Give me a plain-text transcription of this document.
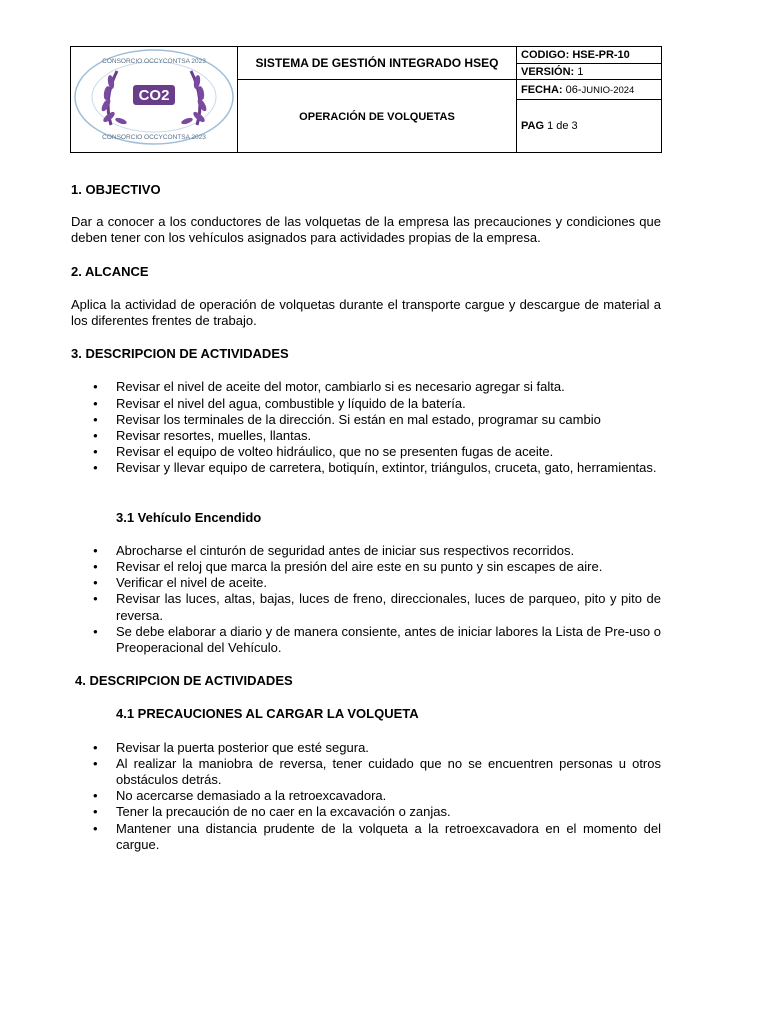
CO2
CONSORCIO OCCYCONTSA 2023
CONSORCIO OCCYCONTSA 2023	SISTEMA DE GESTIÓN INTEGRADO HSEQ	CODIGO: HSE-PR-10
		VERSIÓN: 1
	OPERACIÓN DE VOLQUETAS	FECHA: 06-JUNIO-2024
		PAG 1 de 3
1. OBJECTIVO

Dar a conocer a los conductores de las volquetas de la empresa las precauciones y condiciones que deben tener con los vehículos asignados para actividades propias de la empresa.

2. ALCANCE

Aplica la actividad de operación de volquetas durante el transporte cargue y descargue de material a los diferentes frentes de trabajo.

3. DESCRIPCION DE ACTIVIDADES
● Revisar el nivel de aceite del motor, cambiarlo si es necesario agregar si falta.
● Revisar el nivel del agua, combustible y líquido de la batería.
● Revisar los terminales de la dirección. Si están en mal estado, programar su cambio
● Revisar resortes, muelles, llantas.
● Revisar el equipo de volteo hidráulico, que no se presenten fugas de aceite.
● Revisar y llevar equipo de carretera, botiquín, extintor, triángulos, cruceta, gato, herramientas.
3.1 Vehículo Encendido
● Abrocharse el cinturón de seguridad antes de iniciar sus respectivos recorridos.
● Revisar el reloj que marca la presión del aire este en su punto y sin escapes de aire.
● Verificar el nivel de aceite.
● Revisar las luces, altas, bajas, luces de freno, direccionales, luces de parqueo, pito y pito de reversa.
● Se debe elaborar a diario y de manera consiente, antes de iniciar labores la Lista de Pre-uso o Preoperacional del Vehículo.
4. DESCRIPCION DE ACTIVIDADES
4.1 PRECAUCIONES AL CARGAR LA VOLQUETA
• Revisar la puerta posterior que esté segura.
• Al realizar la maniobra de reversa, tener cuidado que no se encuentren personas u otros obstáculos detrás.
• No acercarse demasiado a la retroexcavadora.
• Tener la precaución de no caer en la excavación o zanjas.
• Mantener una distancia prudente de la volqueta a la retroexcavadora en el momento del cargue.
